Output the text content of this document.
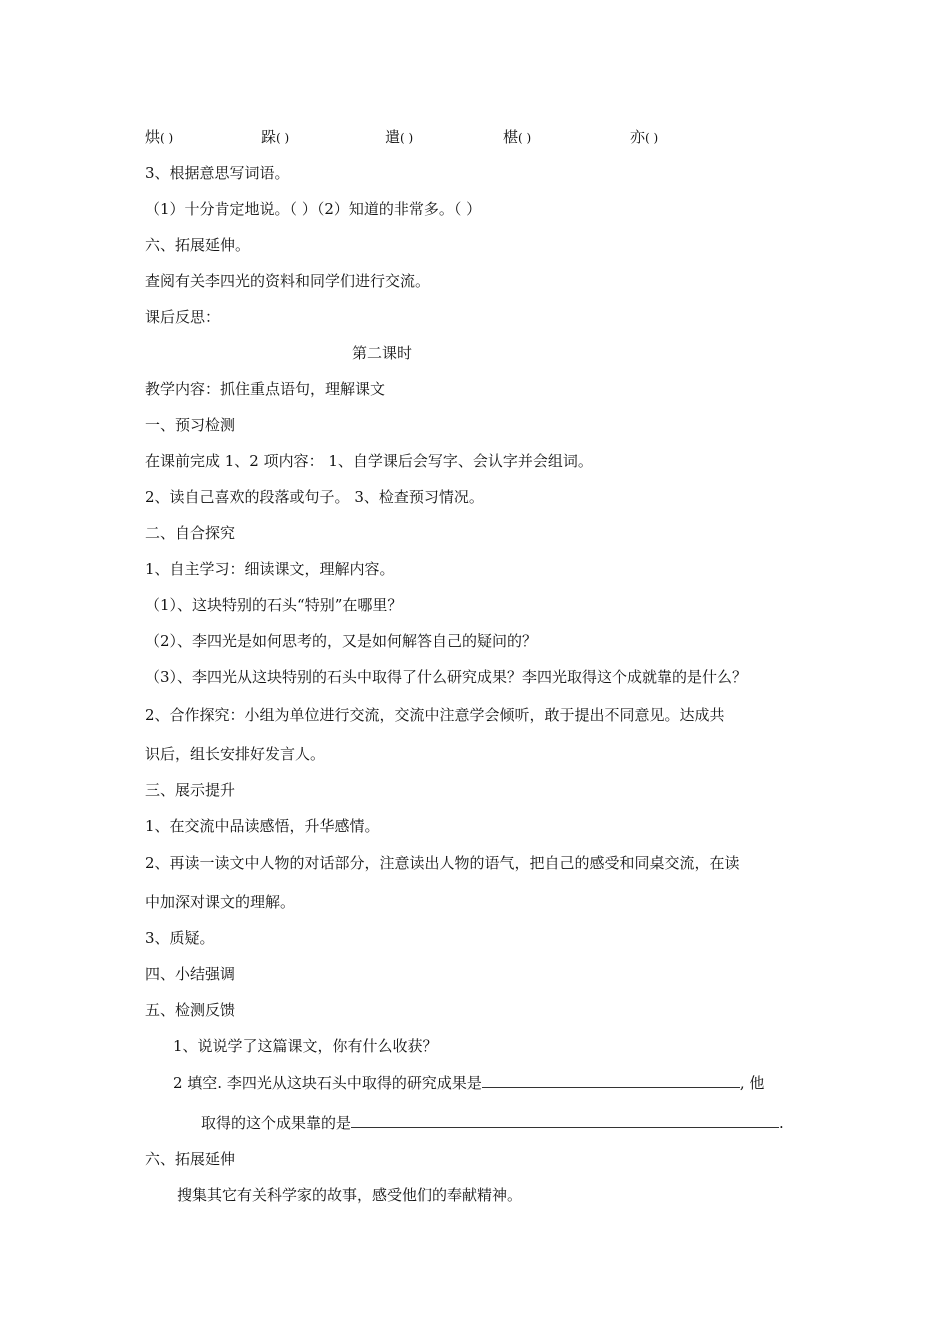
烘( )	跺( )	遣( )	椹( )	亦( )
3、根据意思写词语。
（1）十分肯定地说。（ ）（2）知道的非常多。（ ）
六、拓展延伸。
查阅有关李四光的资料和同学们进行交流。
课后反思：
第二课时
教学内容：抓住重点语句，理解课文
一、预习检测
在课前完成 1、2 项内容： 1、自学课后会写字、会认字并会组词。
2、读自己喜欢的段落或句子。 3、检查预习情况。
二、自合探究
1、自主学习：细读课文，理解内容。
（1）、这块特别的石头“特别”在哪里？
（2）、李四光是如何思考的，又是如何解答自己的疑问的？
（3）、李四光从这块特别的石头中取得了什么研究成果？李四光取得这个成就靠的是什么？
2、合作探究：小组为单位进行交流，交流中注意学会倾听，敢于提出不同意见。达成共
识后，组长安排好发言人。
三、展示提升
1、在交流中品读感悟，升华感情。
2、再读一读文中人物的对话部分，注意读出人物的语气，把自己的感受和同桌交流，在读
中加深对课文的理解。
3、质疑。
四、小结强调
五、检测反馈
1、说说学了这篇课文，你有什么收获？
2 填空. 李四光从这块石头中取得的研究成果是	, 他
取得的这个成果靠的是	.
六、拓展延伸
搜集其它有关科学家的故事，感受他们的奉献精神。
